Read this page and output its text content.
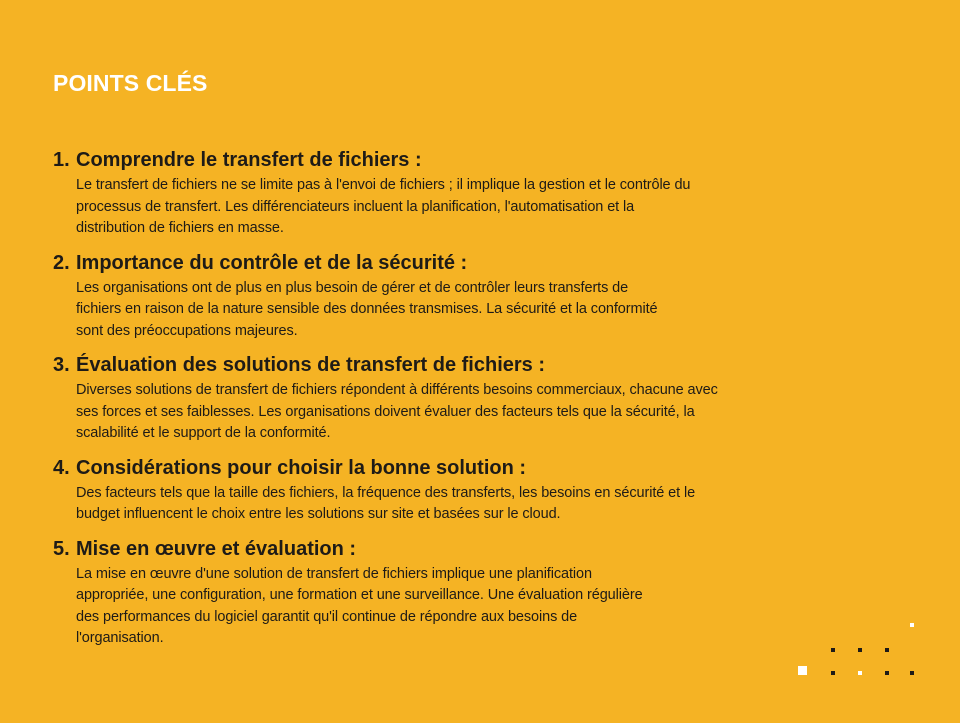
POINTS CLÉS
1. Comprendre le transfert de fichiers :
Le transfert de fichiers ne se limite pas à l'envoi de fichiers ; il implique la gestion et le contrôle du
processus de transfert. Les différenciateurs incluent la planification, l'automatisation et la
distribution de fichiers en masse.
2. Importance du contrôle et de la sécurité :
Les organisations ont de plus en plus besoin de gérer et de contrôler leurs transferts de
fichiers en raison de la nature sensible des données transmises. La sécurité et la conformité
sont des préoccupations majeures.
3. Évaluation des solutions de transfert de fichiers :
Diverses solutions de transfert de fichiers répondent à différents besoins commerciaux, chacune avec
ses forces et ses faiblesses. Les organisations doivent évaluer des facteurs tels que la sécurité, la
scalabilité et le support de la conformité.
4. Considérations pour choisir la bonne solution :
Des facteurs tels que la taille des fichiers, la fréquence des transferts, les besoins en sécurité et le
budget influencent le choix entre les solutions sur site et basées sur le cloud.
5. Mise en œuvre et évaluation :
La mise en œuvre d'une solution de transfert de fichiers implique une planification
appropriée, une configuration, une formation et une surveillance. Une évaluation régulière
des performances du logiciel garantit qu'il continue de répondre aux besoins de
l'organisation.
